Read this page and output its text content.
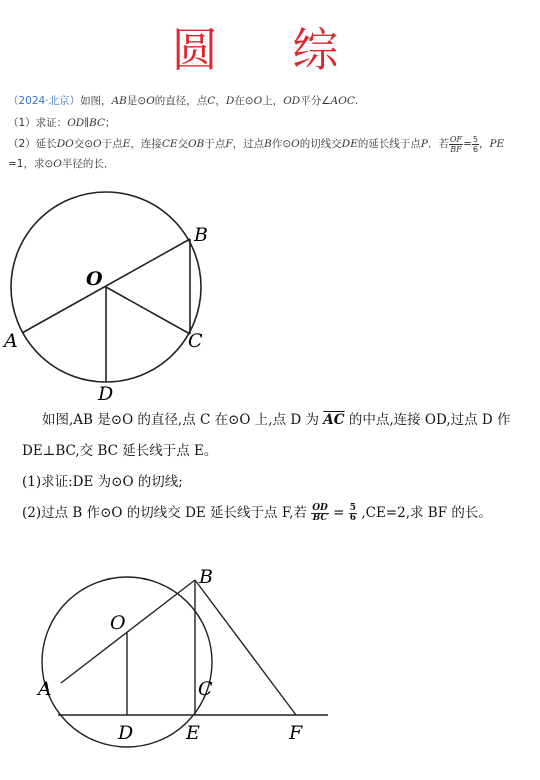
圆 综
（2024·北京）如图，AB是⊙O的直径，点C，D在⊙O上，OD平分∠AOC.
（1）求证：OD∥BC；
（2）延长DO交⊙O于点E，连接CE交OB于点F，过点B作⊙O的切线交DE的延长线于点P．若 $\frac{OF}{BF} = \frac{5}{6}$ ，PE
=1，求⊙O半径的长．
A
B
C
O
D
如图,AB 是⊙O 的直径,点 C 在⊙O 上,点 D 为 $\overline{AC}$ 的中点,连接 OD,过点 D 作
DE⊥BC,交 BC 延长线于点 E。
(1)求证:DE 为⊙O 的切线;
(2)过点 B 作⊙O 的切线交 DE 延长线于点 F,若 $\frac{OD}{BC} = \frac{5}{6} ,CE=2$,求 BF 的长。
A
B
C
O
D	E	F
